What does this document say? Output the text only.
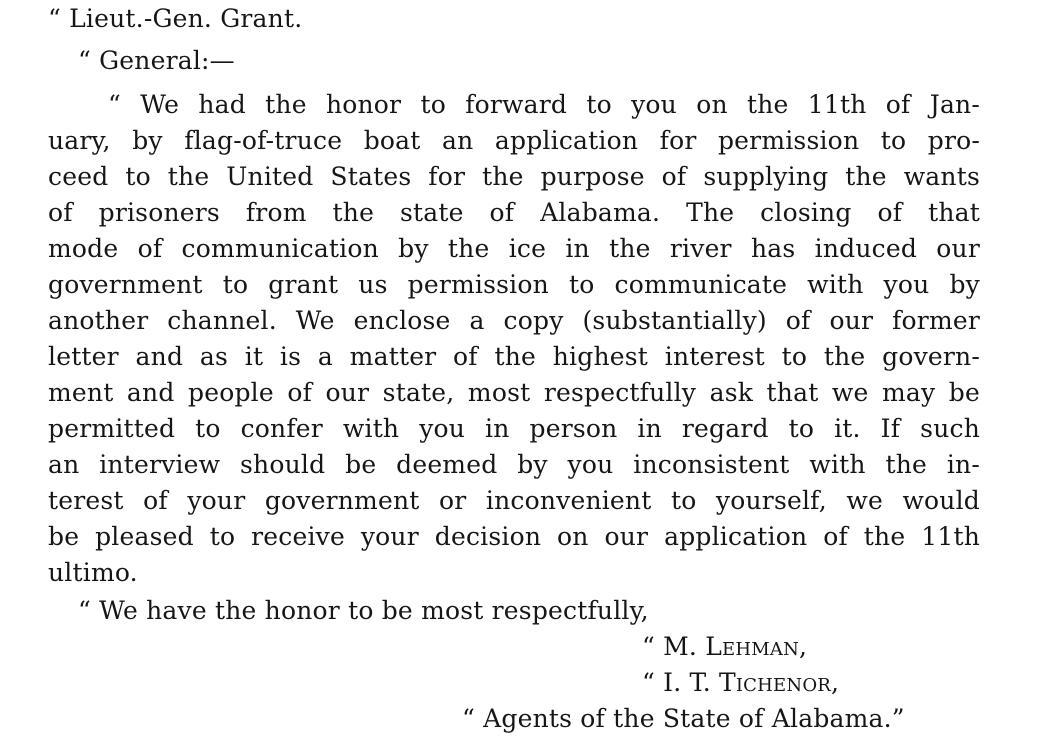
“ Lieut.-Gen. Grant.
“ General:—
“ We had the honor to forward to you on the 11th of Jan-
uary, by flag-of-truce boat an application for permission to pro-
ceed to the United States for the purpose of supplying the wants
of prisoners from the state of Alabama. The closing of that
mode of communication by the ice in the river has induced our
government to grant us permission to communicate with you by
another channel. We enclose a copy (substantially) of our former
letter and as it is a matter of the highest interest to the govern-
ment and people of our state, most respectfully ask that we may be
permitted to confer with you in person in regard to it. If such
an interview should be deemed by you inconsistent with the in-
terest of your government or inconvenient to yourself, we would
be pleased to receive your decision on our application of the 11th
ultimo.
“ We have the honor to be most respectfully,
“ M. Lehman,
“ I. T. Tichenor,
“ Agents of the State of Alabama.”
